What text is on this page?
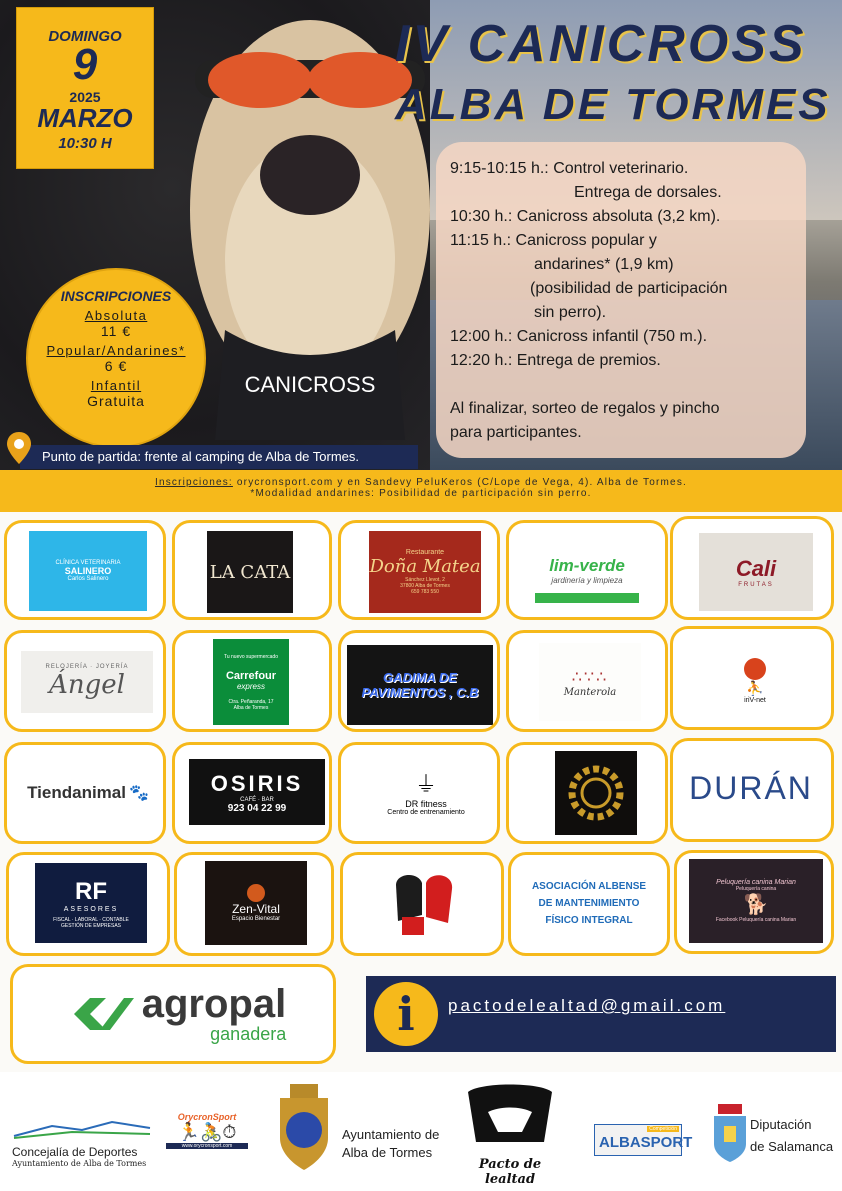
CANICROSS
DOMINGO
9
2025
MARZO
10:30 H
IV CANICROSS
ALBA DE TORMES
9:15-10:15 h.: Control veterinario.
Entrega de dorsales.
10:30 h.: Canicross absoluta (3,2 km).
11:15 h.: Canicross popular y
andarines* (1,9 km)
(posibilidad de participación
sin perro).
12:00 h.: Canicross infantil (750 m.).
12:20 h.: Entrega de premios.
Al finalizar, sorteo de regalos y pincho
para participantes.
INSCRIPCIONES
Absoluta
11 €
Popular/Andarines*
6 €
Infantil
Gratuita
Punto de partida: frente al camping de Alba de Tormes.
Inscripciones: orycronsport.com y en Sandevy PeluKeros (C/Lope de Vega, 4). Alba de Tormes.
*Modalidad andarines: Posibilidad de participación sin perro.
CLÍNICA VETERINARIA
SALINERO
Carlos Salinero	LA CATA
Restaurante
Doña Matea
Sánchez Llevot, 2
37800 Alba de Tormes
659 783 550
lim-verde
jardinería y limpieza	Cali
FRUTAS
RELOJERÍA · JOYERÍA
Ángel
Tu nuevo supermercado
Carrefour
express
Ctra. Peñaranda, 17
Alba de Tormes
GADIMA DE
PAVIMENTOS , C.B
∴∵∴
Manterola	⛹
iriV-net
Tiendanimal 🐾	OSIRIS
CAFÉ · BAR
923 04 22 99
⏚
DR fitness
Centro de entrenamiento
DURÁN
RF
ASESORES
FISCAL · LABORAL · CONTABLE
GESTIÓN DE EMPRESAS
Zen-Vital
Espacio Bienestar
ASOCIACIÓN ALBENSE
DE MANTENIMIENTO
FÍSICO INTEGRAL
Peluquería canina Marian
Peluquería canina
🐕
Facebook Peluquería canina Marian
agropal
ganadera	i	pactodelealtad@gmail.com
Concejalía de Deportes
Ayuntamiento de Alba de Tormes
OrycronSport
🏃🚴⏱
www.orycronsport.com
Ayuntamiento de
Alba de Tormes
Pacto de lealtad
Competición
ALBASPORT
Diputación
de Salamanca
